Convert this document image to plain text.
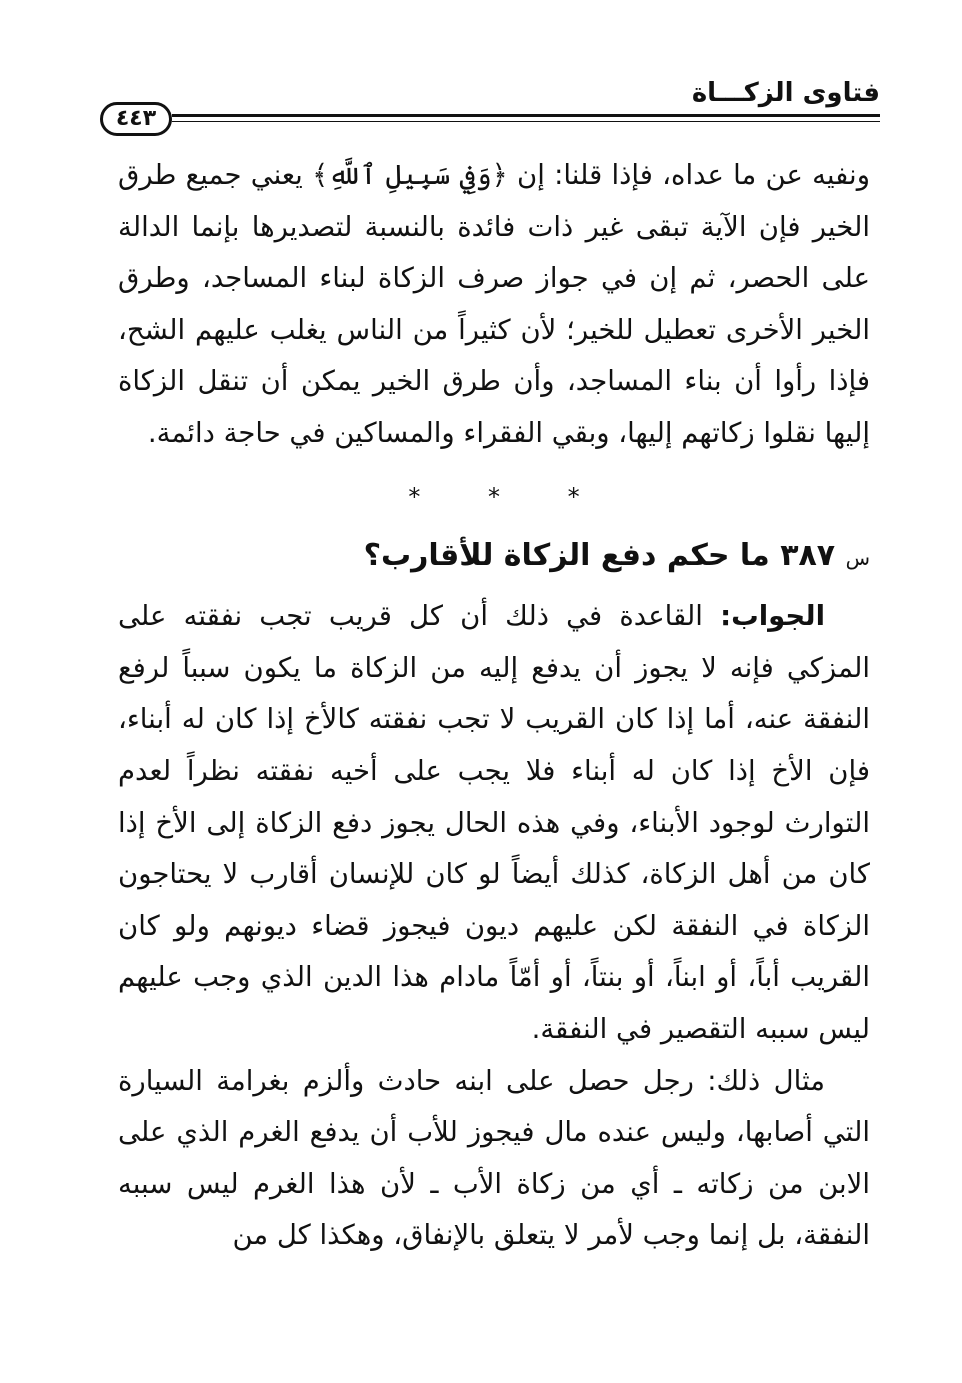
فتاوى الزكـــاة
٤٤٣

ونفيه عن ما عداه، فإذا قلنا: إن ﴿وَفِي سَبِيلِ ٱللَّهِ﴾ يعني جميع طرق الخير فإن الآية تبقى غير ذات فائدة بالنسبة لتصديرها بإنما الدالة على الحصر، ثم إن في جواز صرف الزكاة لبناء المساجد، وطرق الخير الأخرى تعطيل للخير؛ لأن كثيراً من الناس يغلب عليهم الشح، فإذا رأوا أن بناء المساجد، وأن طرق الخير يمكن أن تنقل الزكاة إليها نقلوا زكاتهم إليها، وبقي الفقراء والمساكين في حاجة دائمة.

* * *
س ٣٨٧ ما حكم دفع الزكاة للأقارب؟

الجواب: القاعدة في ذلك أن كل قريب تجب نفقته على المزكي فإنه لا يجوز أن يدفع إليه من الزكاة ما يكون سبباً لرفع النفقة عنه، أما إذا كان القريب لا تجب نفقته كالأخ إذا كان له أبناء، فإن الأخ إذا كان له أبناء فلا يجب على أخيه نفقته نظراً لعدم التوارث لوجود الأبناء، وفي هذه الحال يجوز دفع الزكاة إلى الأخ إذا كان من أهل الزكاة، كذلك أيضاً لو كان للإنسان أقارب لا يحتاجون الزكاة في النفقة لكن عليهم ديون فيجوز قضاء ديونهم ولو كان القريب أباً، أو ابناً، أو بنتاً، أو أمّاً مادام هذا الدين الذي وجب عليهم ليس سببه التقصير في النفقة.

مثال ذلك: رجل حصل على ابنه حادث وألزم بغرامة السيارة التي أصابها، وليس عنده مال فيجوز للأب أن يدفع الغرم الذي على الابن من زكاته ـ أي من زكاة الأب ـ لأن هذا الغرم ليس سببه النفقة، بل إنما وجب لأمر لا يتعلق بالإنفاق، وهكذا كل من
